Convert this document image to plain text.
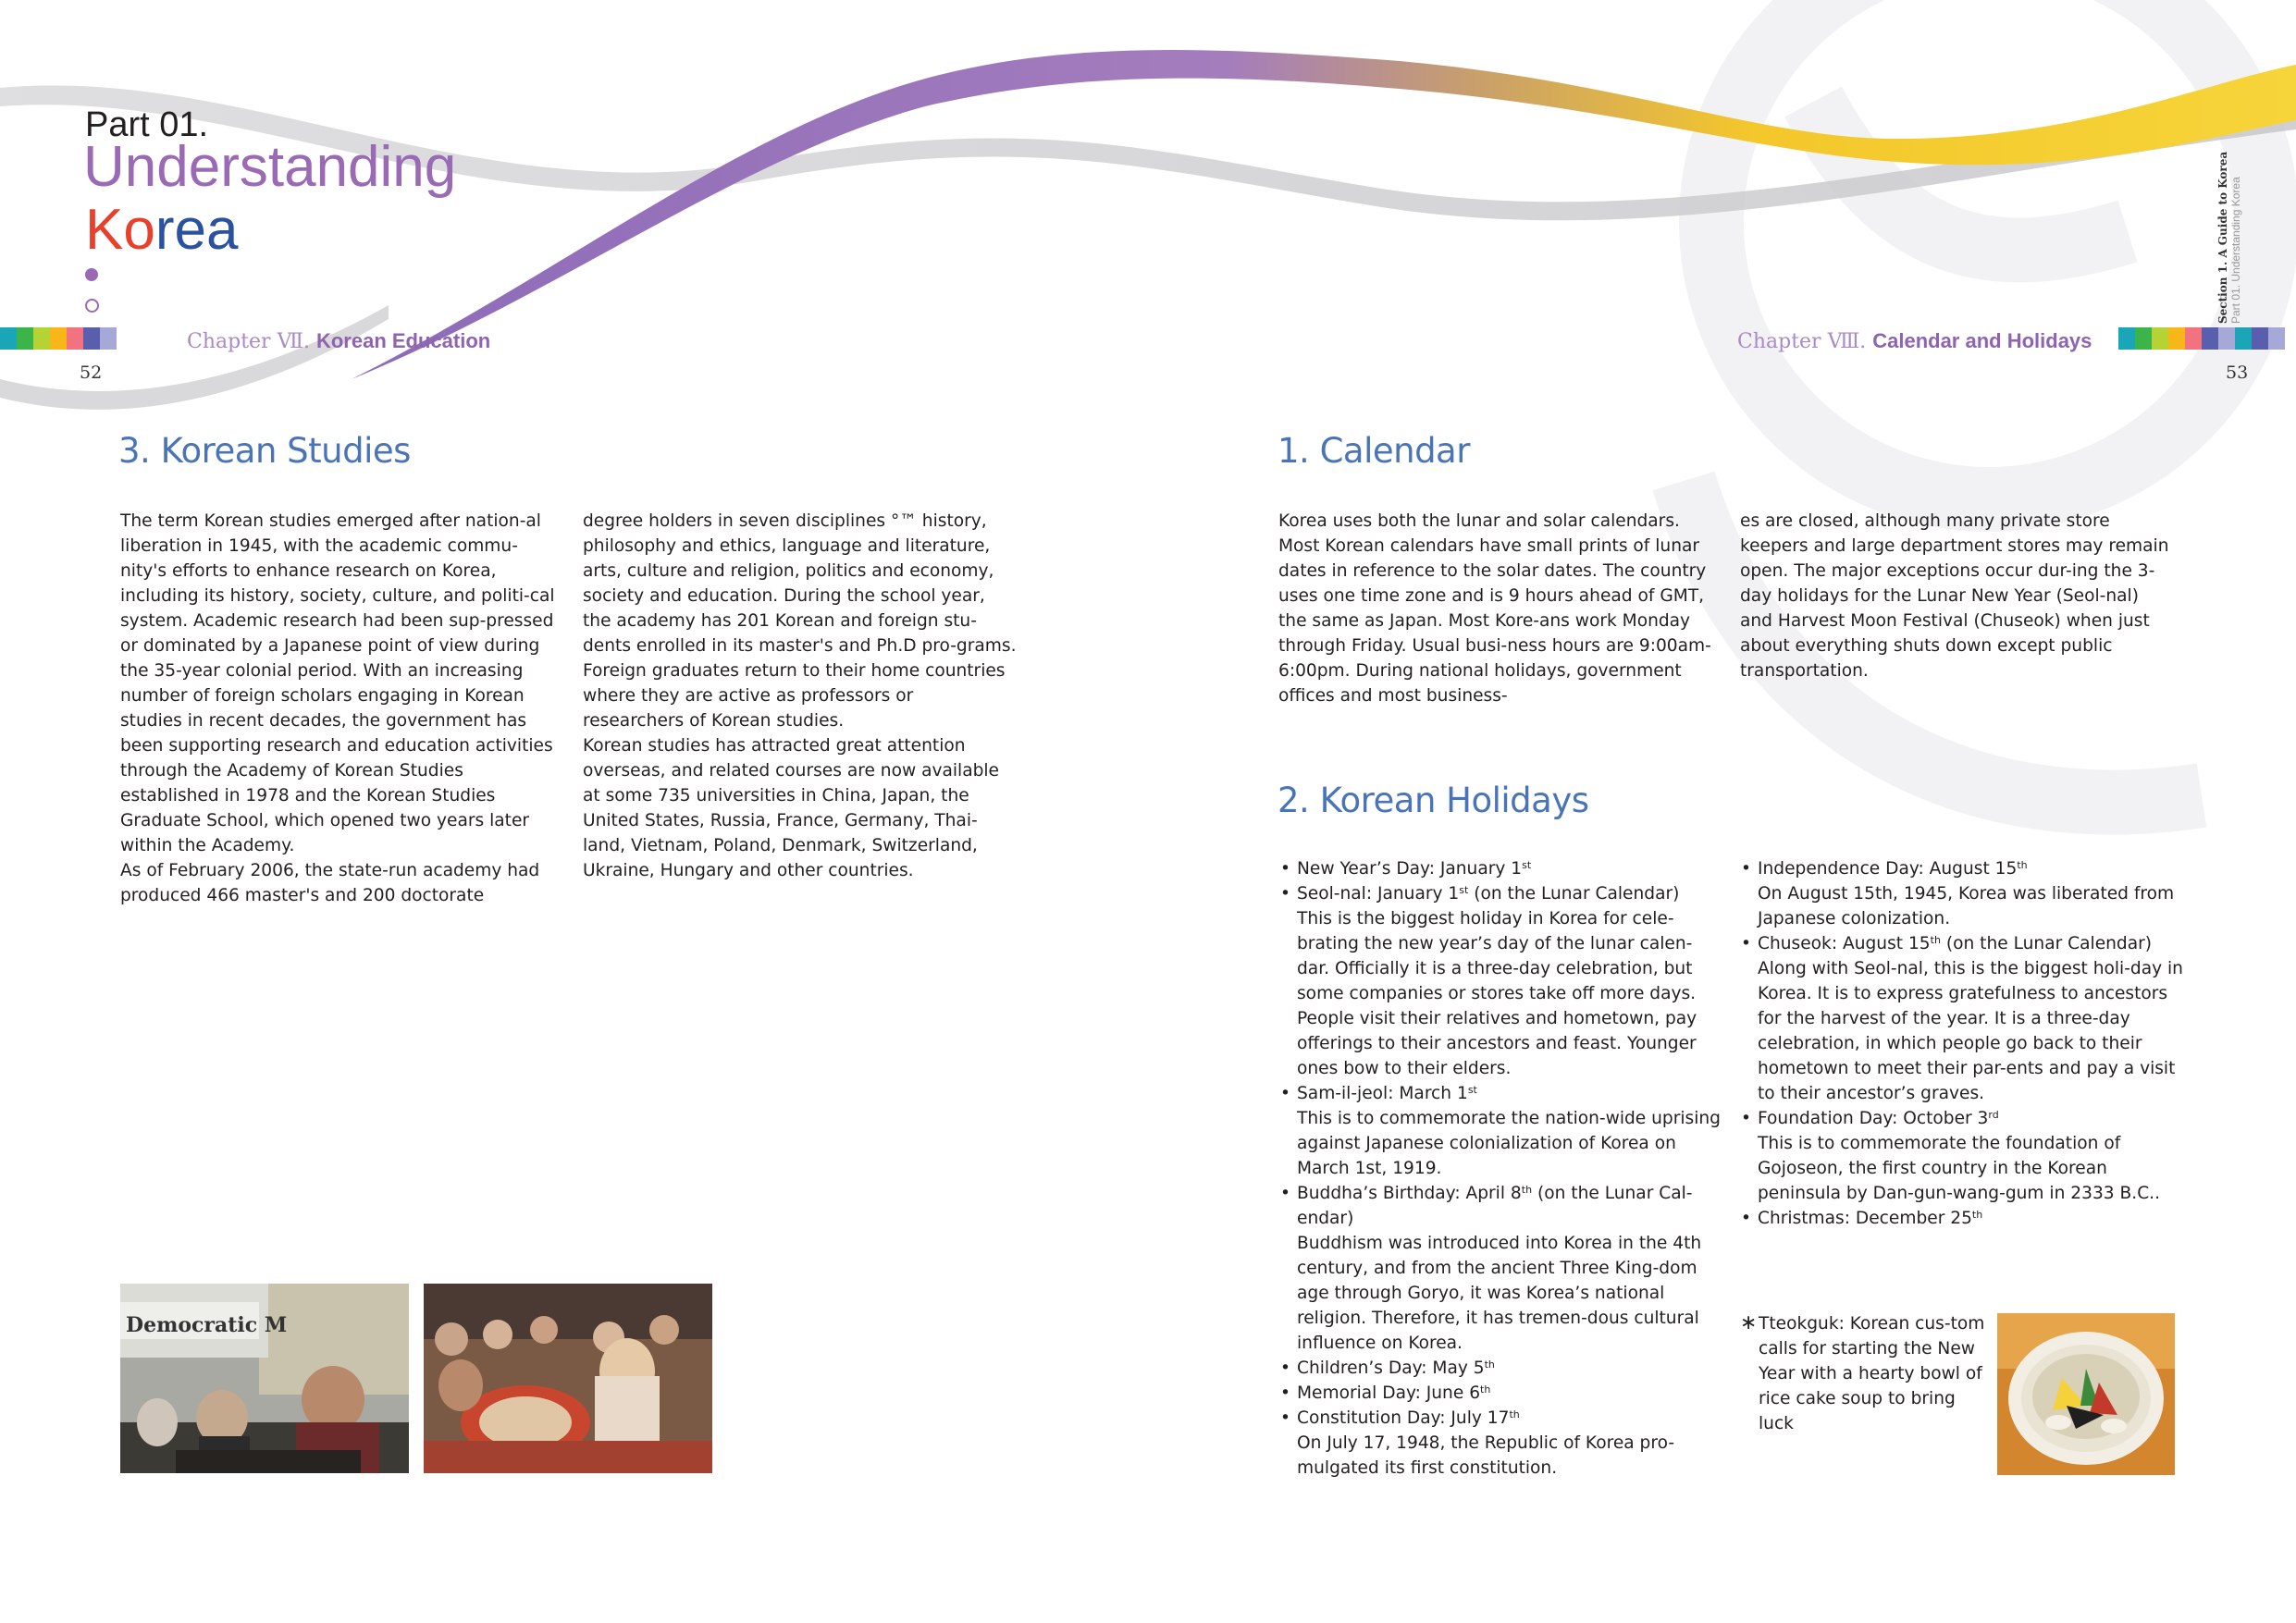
Part 01.
Understanding
Korea
Chapter Ⅶ. Korean Education
52
Chapter Ⅷ. Calendar and Holidays
53
Section 1. A Guide to Korea Part 01. Understanding Korea
3. Korean Studies

The term Korean studies emerged after nation-al liberation in 1945, with the academic commu-nity's efforts to enhance research on Korea, including its history, society, culture, and politi-cal system. Academic research had been sup-pressed or dominated by a Japanese point of view during the 35-year colonial period. With an increasing number of foreign scholars engaging in Korean studies in recent decades, the government has been supporting research and education activities through the Academy of Korean Studies established in 1978 and the Korean Studies Graduate School, which opened two years later within the Academy.

As of February 2006, the state-run academy had produced 466 master's and 200 doctorate

degree holders in seven disciplines °™ history, philosophy and ethics, language and literature, arts, culture and religion, politics and economy, society and education. During the school year, the academy has 201 Korean and foreign stu-dents enrolled in its master's and Ph.D pro-grams. Foreign graduates return to their home countries where they are active as professors or researchers of Korean studies.

Korean studies has attracted great attention overseas, and related courses are now available at some 735 universities in China, Japan, the United States, Russia, France, Germany, Thai-land, Vietnam, Poland, Denmark, Switzerland, Ukraine, Hungary and other countries.

Democratic M
1. Calendar

Korea uses both the lunar and solar calendars. Most Korean calendars have small prints of lunar dates in reference to the solar dates. The country uses one time zone and is 9 hours ahead of GMT, the same as Japan. Most Kore-ans work Monday through Friday. Usual busi-ness hours are 9:00am-6:00pm. During national holidays, government offices and most business-

es are closed, although many private store keepers and large department stores may remain open. The major exceptions occur dur-ing the 3-day holidays for the Lunar New Year (Seol-nal) and Harvest Moon Festival (Chuseok) when just about everything shuts down except public transportation.

2. Korean Holidays
• New Year’s Day: January 1st
• Seol-nal: January 1st (on the Lunar Calendar)
This is the biggest holiday in Korea for cele-brating the new year’s day of the lunar calen-dar. Officially it is a three-day celebration, but some companies or stores take off more days. People visit their relatives and hometown, pay offerings to their ancestors and feast. Younger ones bow to their elders.
• Sam-il-jeol: March 1st
This is to commemorate the nation-wide uprising against Japanese colonialization of Korea on March 1st, 1919.
• Buddha’s Birthday: April 8th (on the Lunar Cal-endar)
Buddhism was introduced into Korea in the 4th century, and from the ancient Three King-dom age through Goryo, it was Korea’s national religion. Therefore, it has tremen-dous cultural influence on Korea.
• Children’s Day: May 5th
• Memorial Day: June 6th
• Constitution Day: July 17th
On July 17, 1948, the Republic of Korea pro-mulgated its first constitution.
• Independence Day: August 15th
On August 15th, 1945, Korea was liberated from Japanese colonization.
• Chuseok: August 15th (on the Lunar Calendar)
Along with Seol-nal, this is the biggest holi-day in Korea. It is to express gratefulness to ancestors for the harvest of the year. It is a three-day celebration, in which people go back to their hometown to meet their par-ents and pay a visit to their ancestor’s graves.
• Foundation Day: October 3rd
This is to commemorate the foundation of Gojoseon, the first country in the Korean peninsula by Dan-gun-wang-gum in 2333 B.C..
• Christmas: December 25th
∗ Tteokguk: Korean cus-tom calls for starting the New Year with a hearty bowl of rice cake soup to bring luck
